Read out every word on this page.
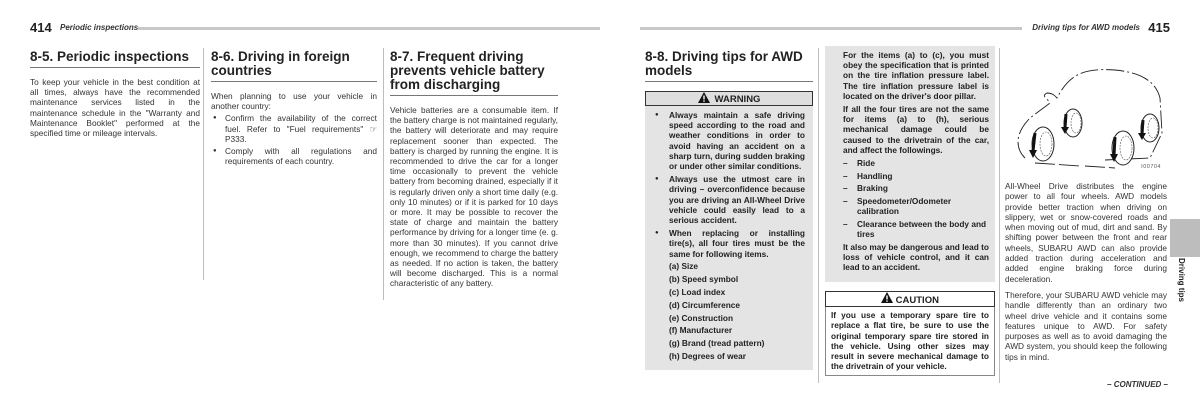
414 Periodic inspections
8-5. Periodic inspections

To keep your vehicle in the best condition at all times, always have the recommended maintenance services listed in the maintenance schedule in the "Warranty and Maintenance Booklet" performed at the specified time or mileage intervals.

8-6. Driving in foreign countries

When planning to use your vehicle in another country:

● Confirm the availability of the correct fuel. Refer to "Fuel requirements" ☞P333.
● Comply with all regulations and requirements of each country.
8-7. Frequent driving prevents vehicle battery from discharging

Vehicle batteries are a consumable item. If the battery charge is not maintained regularly, the battery will deteriorate and may require replacement sooner than expected. The battery is charged by running the engine. It is recommended to drive the car for a longer time occasionally to prevent the vehicle battery from becoming drained, especially if it is regularly driven only a short time daily (e.g. only 10 minutes) or if it is parked for 10 days or more. It may be possible to recover the state of charge and maintain the battery performance by driving for a longer time (e. g. more than 30 minutes). If you cannot drive enough, we recommend to charge the battery as needed. If no action is taken, the battery will become discharged. This is a normal characteristic of any battery.

Driving tips for AWD models 415
8-8. Driving tips for AWD models
WARNING
● Always maintain a safe driving speed according to the road and weather conditions in order to avoid having an accident on a sharp turn, during sudden braking or under other similar conditions.
● Always use the utmost care in driving – overconfidence because you are driving an All-Wheel Drive vehicle could easily lead to a serious accident.
● When replacing or installing tire(s), all four tires must be the same for following items.
(a) Size
(b) Speed symbol
(c) Load index
(d) Circumference
(e) Construction
(f) Manufacturer
(g) Brand (tread pattern)
(h) Degrees of wear

For the items (a) to (c), you must obey the specification that is printed on the tire inflation pressure label. The tire inflation pressure label is located on the driver's door pillar.

If all the four tires are not the same for items (a) to (h), serious mechanical damage could be caused to the drivetrain of the car, and affect the followings.

– Ride
– Handling
– Braking
– Speedometer/Odometer calibration
– Clearance between the body and tires

It also may be dangerous and lead to loss of vehicle control, and it can lead to an accident.

CAUTION
If you use a temporary spare tire to replace a flat tire, be sure to use the original temporary spare tire stored in the vehicle. Using other sizes may result in severe mechanical damage to the drivetrain of your vehicle.
I00704

All-Wheel Drive distributes the engine power to all four wheels. AWD models provide better traction when driving on slippery, wet or snow-covered roads and when moving out of mud, dirt and sand. By shifting power between the front and rear wheels, SUBARU AWD can also provide added traction during acceleration and added engine braking force during deceleration.

Therefore, your SUBARU AWD vehicle may handle differently than an ordinary two wheel drive vehicle and it contains some features unique to AWD. For safety purposes as well as to avoid damaging the AWD system, you should keep the following tips in mind.

Driving tips
– CONTINUED –
